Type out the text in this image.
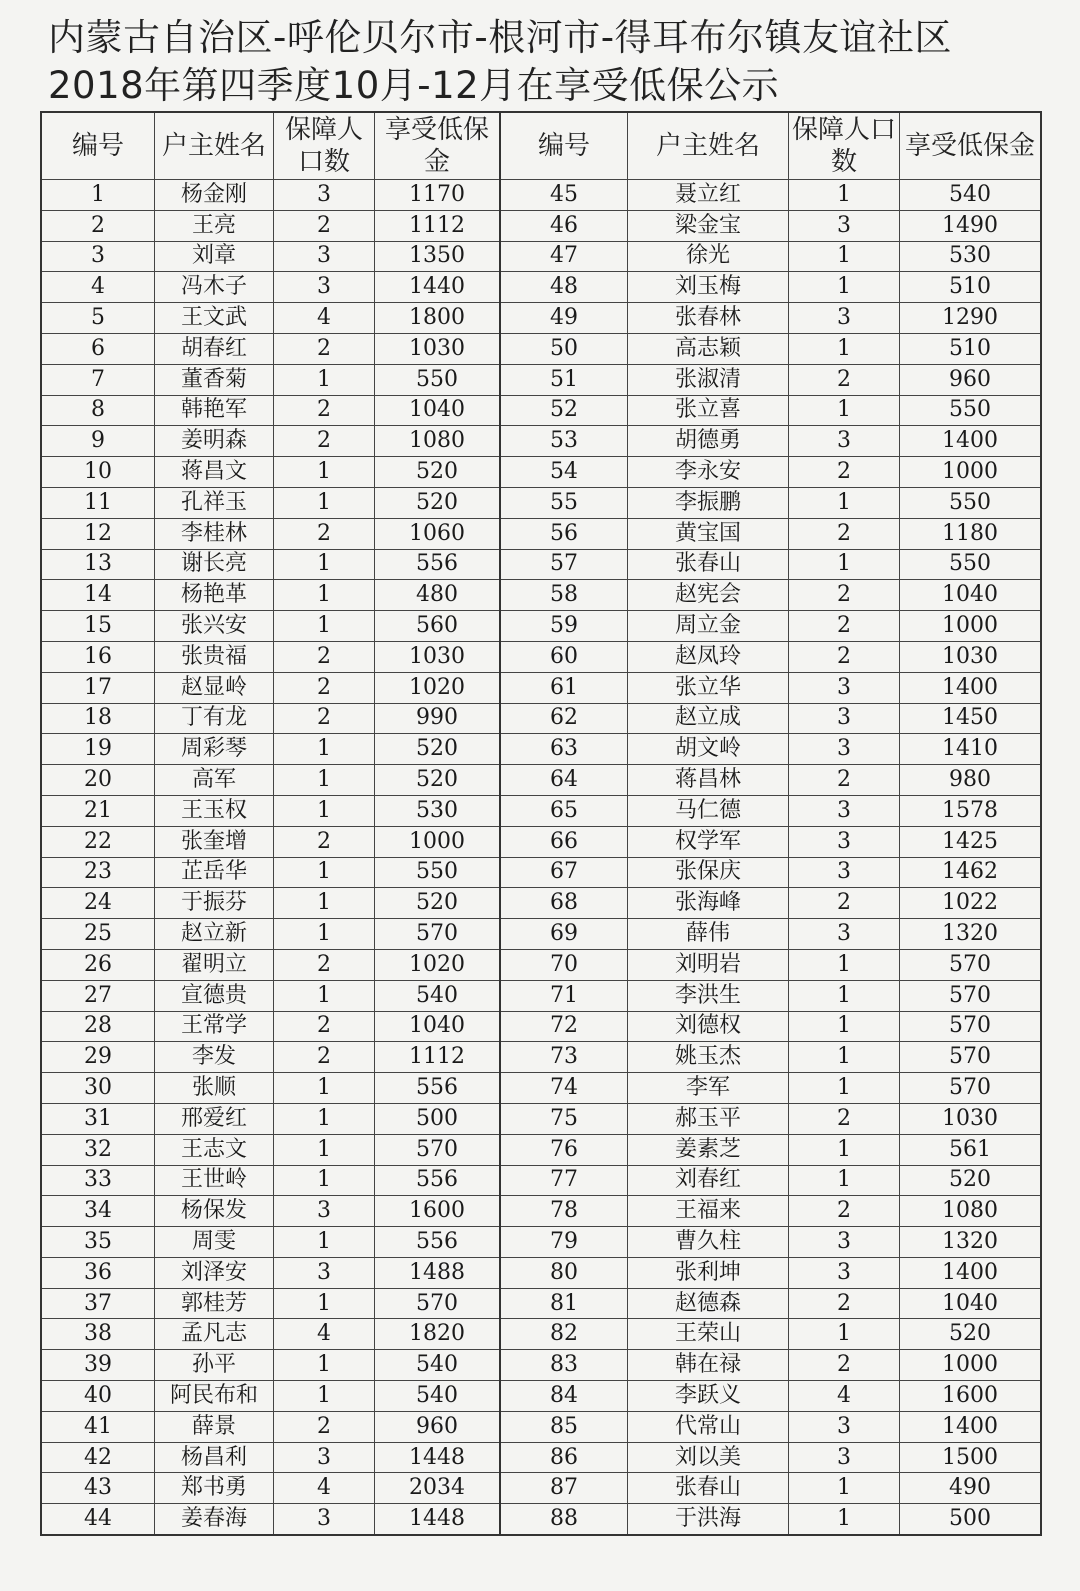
内蒙古自治区-呼伦贝尔市-根河市-得耳布尔镇友谊社区
2018年第四季度10月-12月在享受低保公示
编号	户主姓名	保障人口数	享受低保金	编号	户主姓名	保障人口数	享受低保金
1	杨金刚	3	1170	45	聂立红	1	540
2	王亮	2	1112	46	梁金宝	3	1490
3	刘章	3	1350	47	徐光	1	530
4	冯木子	3	1440	48	刘玉梅	1	510
5	王文武	4	1800	49	张春林	3	1290
6	胡春红	2	1030	50	高志颖	1	510
7	董香菊	1	550	51	张淑清	2	960
8	韩艳军	2	1040	52	张立喜	1	550
9	姜明森	2	1080	53	胡德勇	3	1400
10	蒋昌文	1	520	54	李永安	2	1000
11	孔祥玉	1	520	55	李振鹏	1	550
12	李桂林	2	1060	56	黄宝国	2	1180
13	谢长亮	1	556	57	张春山	1	550
14	杨艳革	1	480	58	赵宪会	2	1040
15	张兴安	1	560	59	周立金	2	1000
16	张贵福	2	1030	60	赵凤玲	2	1030
17	赵显岭	2	1020	61	张立华	3	1400
18	丁有龙	2	990	62	赵立成	3	1450
19	周彩琴	1	520	63	胡文岭	3	1410
20	高军	1	520	64	蒋昌林	2	980
21	王玉权	1	530	65	马仁德	3	1578
22	张奎增	2	1000	66	权学军	3	1425
23	芷岳华	1	550	67	张保庆	3	1462
24	于振芬	1	520	68	张海峰	2	1022
25	赵立新	1	570	69	薛伟	3	1320
26	翟明立	2	1020	70	刘明岩	1	570
27	宣德贵	1	540	71	李洪生	1	570
28	王常学	2	1040	72	刘德权	1	570
29	李发	2	1112	73	姚玉杰	1	570
30	张顺	1	556	74	李军	1	570
31	邢爱红	1	500	75	郝玉平	2	1030
32	王志文	1	570	76	姜素芝	1	561
33	王世岭	1	556	77	刘春红	1	520
34	杨保发	3	1600	78	王福来	2	1080
35	周雯	1	556	79	曹久柱	3	1320
36	刘泽安	3	1488	80	张利坤	3	1400
37	郭桂芳	1	570	81	赵德森	2	1040
38	孟凡志	4	1820	82	王荣山	1	520
39	孙平	1	540	83	韩在禄	2	1000
40	阿民布和	1	540	84	李跃义	4	1600
41	薛景	2	960	85	代常山	3	1400
42	杨昌利	3	1448	86	刘以美	3	1500
43	郑书勇	4	2034	87	张春山	1	490
44	姜春海	3	1448	88	于洪海	1	500
